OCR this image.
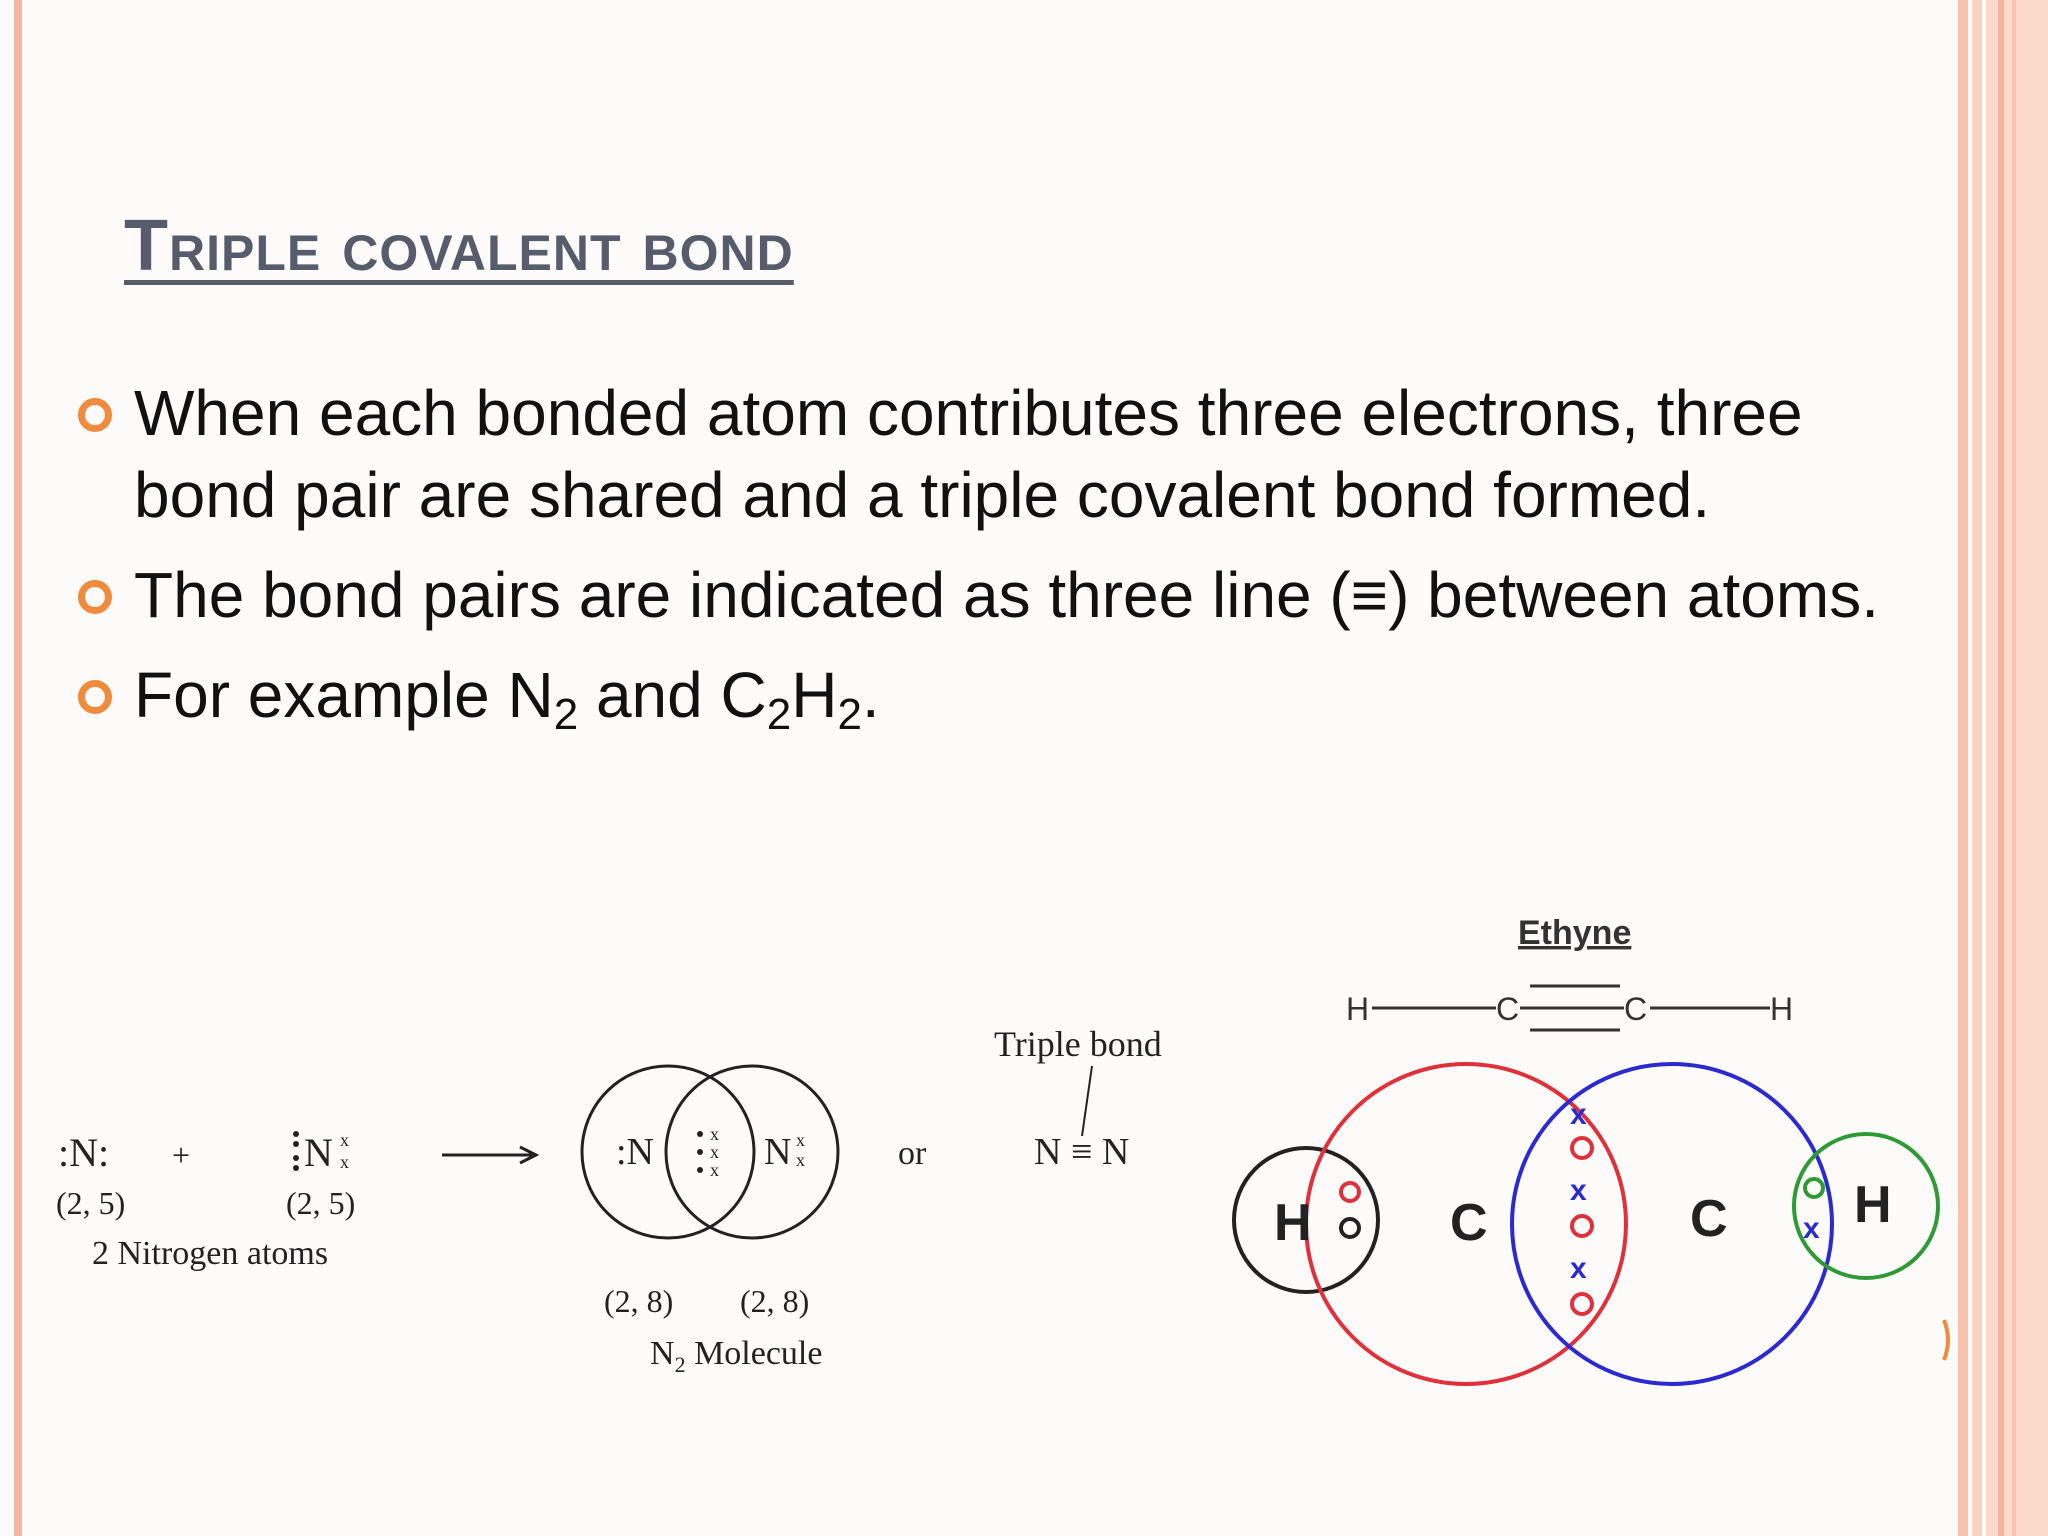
Triple covalent bond
When each bonded atom contributes three electrons, three bond pair are shared and a triple covalent bond formed.
The bond pairs are indicated as three line (≡) between atoms.
For example $N_2$ and $C_2H_2$.
:N: +	N x
x
(2, 5)	(2, 5)
2 Nitrogen atoms
:N	N x
x
x
x
x
(2, 8) (2, 8)
$N_2$ Molecule
or
Triple bond
N ≡ N
Ethyne
H	C	C	H
H	C	C H
x
x
x
x
